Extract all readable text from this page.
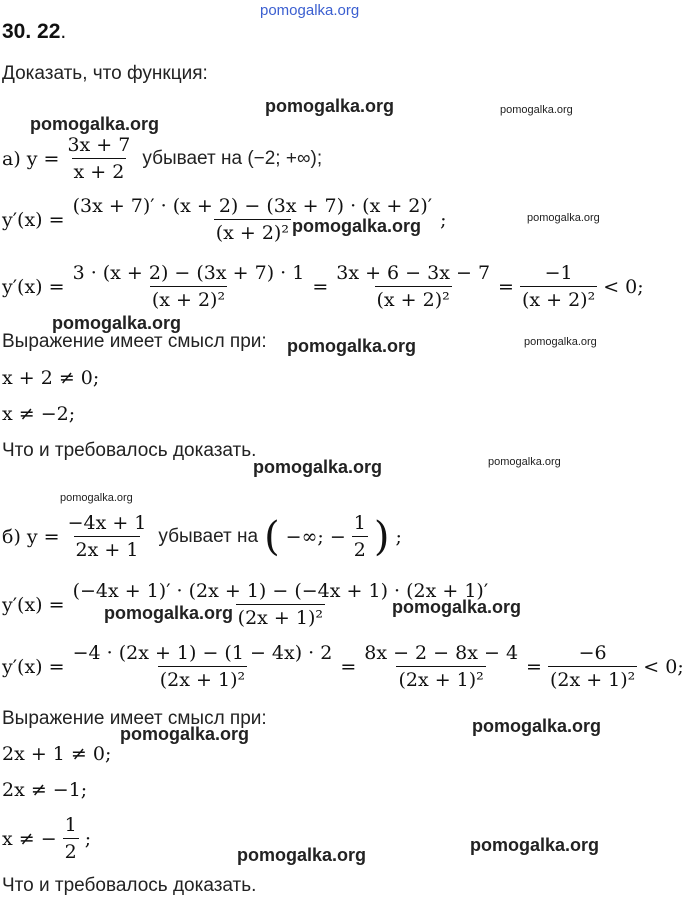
pomogalka.org
pomogalka.org	pomogalka.org
pomogalka.org
pomogalka.org
pomogalka.org
pomogalka.org
pomogalka.org
pomogalka.org
pomogalka.org	pomogalka.org
pomogalka.org
pomogalka.org	pomogalka.org
pomogalka.org
pomogalka.org
pomogalka.org
pomogalka.org
30. 22.
Доказать, что функция:
а) $y = \frac{3x + 7}{x + 2}$ убывает на (−2; +∞);
$y'(x) = \frac{(3x + 7)' \cdot (x + 2) - (3x + 7) \cdot (x + 2)'}{\text{(x + 2)²}}$ ;
$y'(x) = \frac{3 \cdot (x + 2) - (3x + 7) \cdot 1}{\text{(x + 2)²}} = \frac{3x + 6 - 3x - 7}{\text{(x + 2)²}} = \frac{-1}{\text{(x + 2)²}} < 0$;
Выражение имеет смысл при:
x + 2 ≠ 0;
x ≠ −2;
Что и требовалось доказать.
б) $y = \frac{-4x + 1}{2x + 1}$ убывает на ( −∞; − $\frac{1}{2}$ ) ;
$y'(x) = \frac{(-4x + 1)' \cdot (2x + 1) - (-4x + 1) \cdot (2x + 1)'}{\text{(2x + 1)²}}$
$y'(x) = \frac{-4 \cdot (2x + 1) - (1 - 4x) \cdot 2}{\text{(2x + 1)²}} = \frac{8x - 2 - 8x - 4}{\text{(2x + 1)²}} = \frac{-6}{\text{(2x + 1)²}} < 0$;
Выражение имеет смысл при:
2x + 1 ≠ 0;
2x ≠ −1;
x ≠ − $\frac{1}{2}$ ;
Что и требовалось доказать.
